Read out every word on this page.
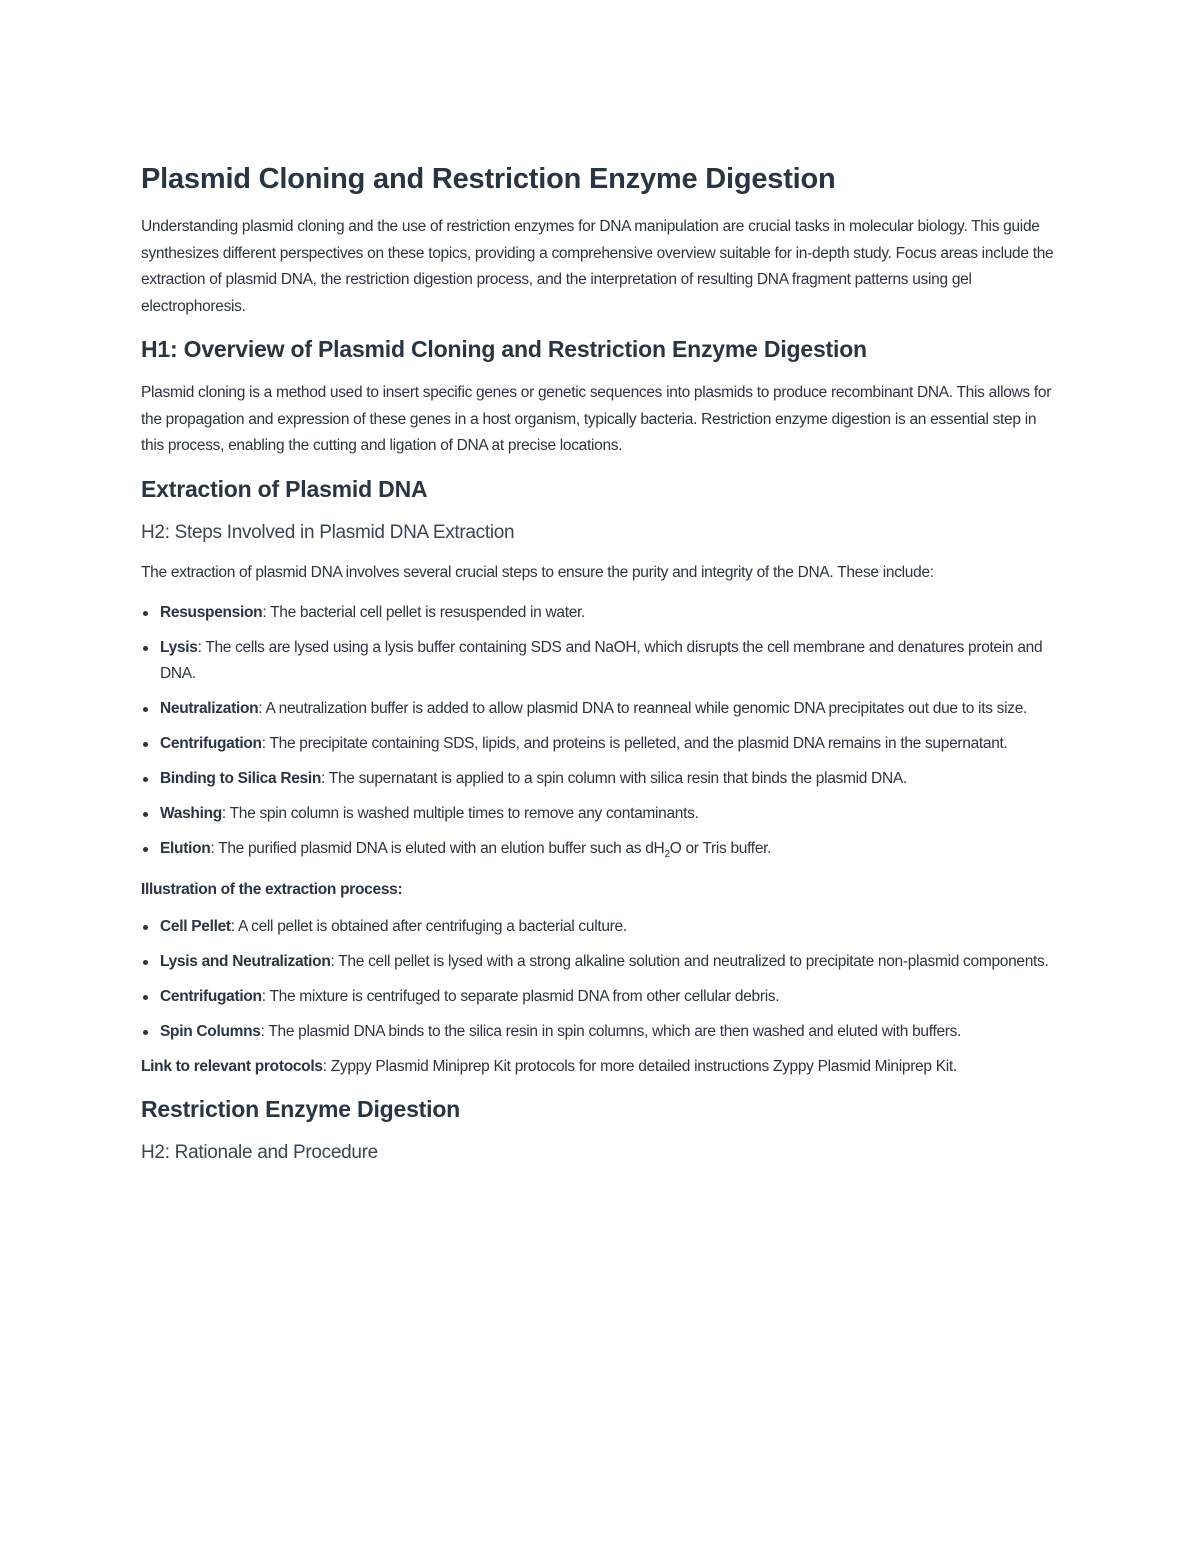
Plasmid Cloning and Restriction Enzyme Digestion

Understanding plasmid cloning and the use of restriction enzymes for DNA manipulation are crucial tasks in molecular biology. This guide synthesizes different perspectives on these topics, providing a comprehensive overview suitable for in-depth study. Focus areas include the extraction of plasmid DNA, the restriction digestion process, and the interpretation of resulting DNA fragment patterns using gel electrophoresis.

H1: Overview of Plasmid Cloning and Restriction Enzyme Digestion

Plasmid cloning is a method used to insert specific genes or genetic sequences into plasmids to produce recombinant DNA. This allows for the propagation and expression of these genes in a host organism, typically bacteria. Restriction enzyme digestion is an essential step in this process, enabling the cutting and ligation of DNA at precise locations.

Extraction of Plasmid DNA
H2: Steps Involved in Plasmid DNA Extraction

The extraction of plasmid DNA involves several crucial steps to ensure the purity and integrity of the DNA. These include:

Resuspension: The bacterial cell pellet is resuspended in water.
Lysis: The cells are lysed using a lysis buffer containing SDS and NaOH, which disrupts the cell membrane and denatures protein and DNA.
Neutralization: A neutralization buffer is added to allow plasmid DNA to reanneal while genomic DNA precipitates out due to its size.
Centrifugation: The precipitate containing SDS, lipids, and proteins is pelleted, and the plasmid DNA remains in the supernatant.
Binding to Silica Resin: The supernatant is applied to a spin column with silica resin that binds the plasmid DNA.
Washing: The spin column is washed multiple times to remove any contaminants.
Elution: The purified plasmid DNA is eluted with an elution buffer such as $dH_2O$ or Tris buffer.

Illustration of the extraction process:

Cell Pellet: A cell pellet is obtained after centrifuging a bacterial culture.
Lysis and Neutralization: The cell pellet is lysed with a strong alkaline solution and neutralized to precipitate non-plasmid components.
Centrifugation: The mixture is centrifuged to separate plasmid DNA from other cellular debris.
Spin Columns: The plasmid DNA binds to the silica resin in spin columns, which are then washed and eluted with buffers.

Link to relevant protocols: Zyppy Plasmid Miniprep Kit protocols for more detailed instructions Zyppy Plasmid Miniprep Kit.

Restriction Enzyme Digestion
H2: Rationale and Procedure
